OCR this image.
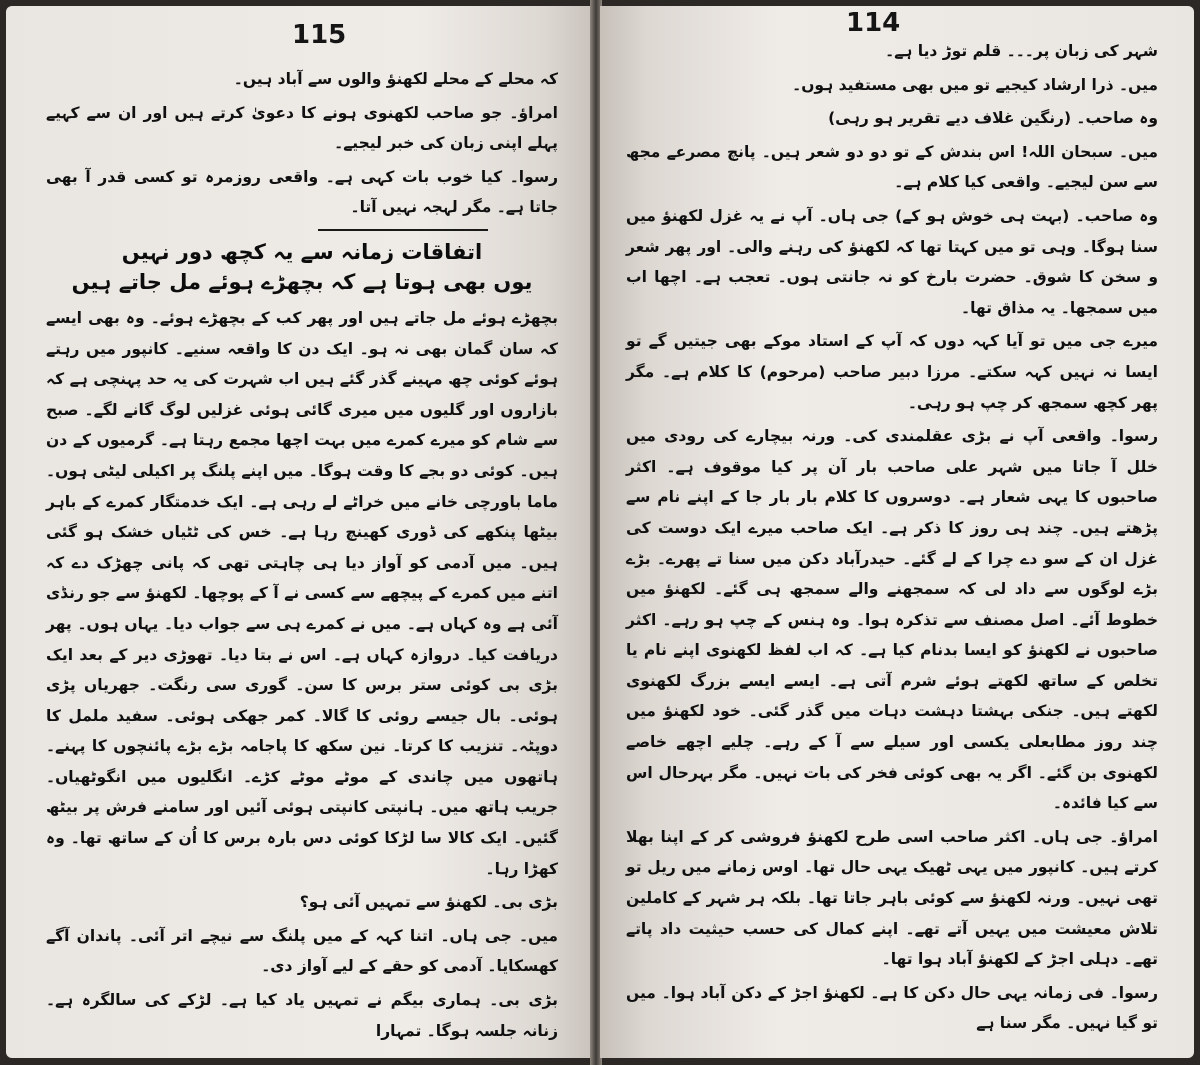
115

کہ محلے کے محلے لکھنؤ والوں سے آباد ہیں۔

امراؤ۔ جو صاحب لکھنوی ہونے کا دعویٰ کرتے ہیں اور ان سے کہیے پہلے اپنی زبان کی خبر لیجیے۔

رسوا۔ کیا خوب بات کہی ہے۔ واقعی روزمرہ تو کسی قدر آ بھی جاتا ہے۔ مگر لہجہ نہیں آتا۔

اتفاقات زمانہ سے یہ کچھ دور نہیں
یوں بھی ہوتا ہے کہ بچھڑے ہوئے مل جاتے ہیں

بچھڑے ہوئے مل جاتے ہیں اور پھر کب کے بچھڑے ہوئے۔ وہ بھی ایسے کہ سان گمان بھی نہ ہو۔ ایک دن کا واقعہ سنیے۔ کانپور میں رہتے ہوئے کوئی چھ مہینے گذر گئے ہیں اب شہرت کی یہ حد پہنچی ہے کہ بازاروں اور گلیوں میں میری گائی ہوئی غزلیں لوگ گانے لگے۔ صبح سے شام کو میرے کمرے میں بہت اچھا مجمع رہتا ہے۔ گرمیوں کے دن ہیں۔ کوئی دو بجے کا وقت ہوگا۔ میں اپنے پلنگ پر اکیلی لیٹی ہوں۔ ماما باورچی خانے میں خراٹے لے رہی ہے۔ ایک خدمتگار کمرے کے باہر بیٹھا پنکھے کی ڈوری کھینچ رہا ہے۔ خس کی ٹٹیاں خشک ہو گئی ہیں۔ میں آدمی کو آواز دیا ہی چاہتی تھی کہ پانی چھڑک دے کہ اتنے میں کمرے کے پیچھے سے کسی نے آ کے پوچھا۔ لکھنؤ سے جو رنڈی آئی ہے وہ کہاں ہے۔ میں نے کمرے ہی سے جواب دیا۔ یہاں ہوں۔ پھر دریافت کیا۔ دروازہ کہاں ہے۔ اس نے بتا دیا۔ تھوڑی دیر کے بعد ایک بڑی بی کوئی ستر برس کا سن۔ گوری سی رنگت۔ جھریاں پڑی ہوئی۔ بال جیسے روئی کا گالا۔ کمر جھکی ہوئی۔ سفید ململ کا دوپٹہ۔ تنزیب کا کرتا۔ نین سکھ کا پاجامہ بڑے بڑے پائنچوں کا پہنے۔ ہاتھوں میں چاندی کے موٹے موٹے کڑے۔ انگلیوں میں انگوٹھیاں۔ جریب ہاتھ میں۔ ہانپتی کانپتی ہوئی آئیں اور سامنے فرش پر بیٹھ گئیں۔ ایک کالا سا لڑکا کوئی دس بارہ برس کا اُن کے ساتھ تھا۔ وہ کھڑا رہا۔

بڑی بی۔ لکھنؤ سے تمہیں آئی ہو؟

میں۔ جی ہاں۔ اتنا کہہ کے میں پلنگ سے نیچے اتر آئی۔ پاندان آگے کھسکایا۔ آدمی کو حقے کے لیے آواز دی۔

بڑی بی۔ ہماری بیگم نے تمہیں یاد کیا ہے۔ لڑکے کی سالگرہ ہے۔ زنانہ جلسہ ہوگا۔ تمہارا

114

شہر کی زبان پر۔۔۔ قلم توڑ دیا ہے۔

میں۔ ذرا ارشاد کیجیے تو میں بھی مستفید ہوں۔

وہ صاحب۔ (رنگین غلاف دیے تقریر ہو رہی)

میں۔ سبحان اللہ! اس بندش کے تو دو دو شعر ہیں۔ پانچ مصرعے مجھ سے سن لیجیے۔ واقعی کیا کلام ہے۔

وہ صاحب۔ (بہت ہی خوش ہو کے) جی ہاں۔ آپ نے یہ غزل لکھنؤ میں سنا ہوگا۔ وہی تو میں کہتا تھا کہ لکھنؤ کی رہنے والی۔ اور پھر شعر و سخن کا شوق۔ حضرت بارخ کو نہ جانتی ہوں۔ تعجب ہے۔ اچھا اب میں سمجھا۔ یہ مذاق تھا۔

میرے جی میں تو آیا کہہ دوں کہ آپ کے استاد موکے بھی جیتیں گے تو ایسا نہ نہیں کہہ سکتے۔ مرزا دبیر صاحب (مرحوم) کا کلام ہے۔ مگر پھر کچھ سمجھ کر چپ ہو رہی۔

رسوا۔ واقعی آپ نے بڑی عقلمندی کی۔ ورنہ بیچارے کی رودی میں خلل آ جاتا میں شہر علی صاحب بار آن پر کیا موقوف ہے۔ اکثر صاحبوں کا یہی شعار ہے۔ دوسروں کا کلام بار بار جا کے اپنے نام سے پڑھتے ہیں۔ چند ہی روز کا ذکر ہے۔ ایک صاحب میرے ایک دوست کی غزل ان کے سو دے چرا کے لے گئے۔ حیدرآباد دکن میں سنا تے پھرے۔ بڑے بڑے لوگوں سے داد لی کہ سمجھنے والے سمجھ ہی گئے۔ لکھنؤ میں خطوط آئے۔ اصل مصنف سے تذکرہ ہوا۔ وہ ہنس کے چپ ہو رہے۔ اکثر صاحبوں نے لکھنؤ کو ایسا بدنام کیا ہے۔ کہ اب لفظ لکھنوی اپنے نام یا تخلص کے ساتھ لکھتے ہوئے شرم آتی ہے۔ ایسے ایسے بزرگ لکھنوی لکھتے ہیں۔ جنکی بہشتا دہشت دہات میں گذر گئی۔ خود لکھنؤ میں چند روز مطابعلی یکسی اور سیلے سے آ کے رہے۔ چلیے اچھے خاصے لکھنوی بن گئے۔ اگر یہ بھی کوئی فخر کی بات نہیں۔ مگر بہرحال اس سے کیا فائدہ۔

امراؤ۔ جی ہاں۔ اکثر صاحب اسی طرح لکھنؤ فروشی کر کے اپنا بھلا کرتے ہیں۔ کانپور میں یہی ٹھیک یہی حال تھا۔ اوس زمانے میں ریل تو تھی نہیں۔ ورنہ لکھنؤ سے کوئی باہر جاتا تھا۔ بلکہ ہر شہر کے کاملین تلاش معیشت میں یہیں آتے تھے۔ اپنے کمال کی حسب حیثیت داد پاتے تھے۔ دہلی اجڑ کے لکھنؤ آباد ہوا تھا۔

رسوا۔ فی زمانہ یہی حال دکن کا ہے۔ لکھنؤ اجڑ کے دکن آباد ہوا۔ میں تو گیا نہیں۔ مگر سنا ہے
